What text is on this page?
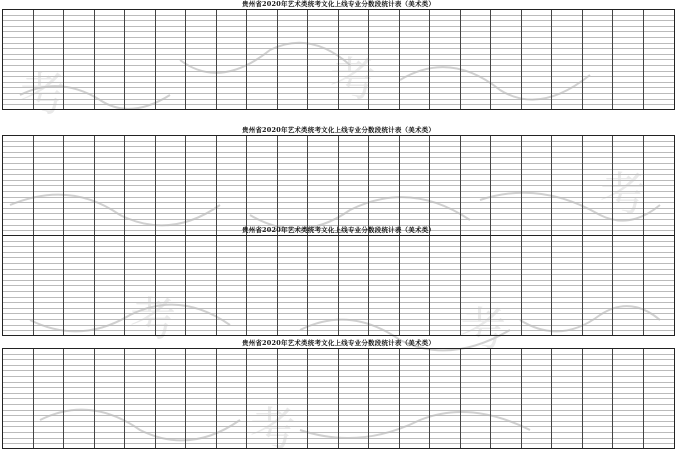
考	考
考
考	考
考
贵州省2020年艺术类统考文化上线专业分数段统计表（美术类）
贵州省2020年艺术类统考文化上线专业分数段统计表（美术类）
贵州省2020年艺术类统考文化上线专业分数段统计表（美术类）
贵州省2020年艺术类统考文化上线专业分数段统计表（美术类）
